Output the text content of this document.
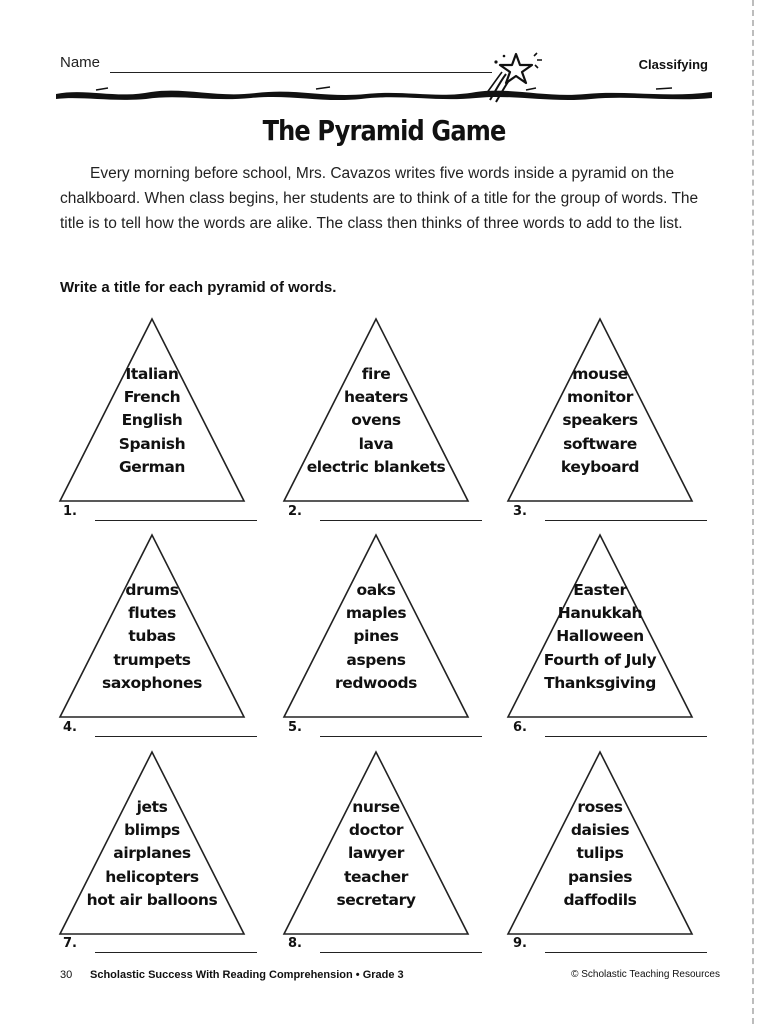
Name	Classifying
The Pyramid Game

Every morning before school, Mrs. Cavazos writes five words inside a pyramid on the chalkboard. When class begins, her students are to think of a title for the group of words. The title is to tell how the words are alike. The class then thinks of three words to add to the list.

Write a title for each pyramid of words.
Italian
French
English
Spanish
German
fire
heaters
ovens
lava
electric blankets
mouse
monitor
speakers
software
keyboard
1.	2.	3.
drums
flutes
tubas
trumpets
saxophones
oaks
maples
pines
aspens
redwoods
Easter
Hanukkah
Halloween
Fourth of July
Thanksgiving
4.	5.	6.
jets
blimps
airplanes
helicopters
hot air balloons
nurse
doctor
lawyer
teacher
secretary
roses
daisies
tulips
pansies
daffodils
7.	8.	9.
30 Scholastic Success With Reading Comprehension • Grade 3	© Scholastic Teaching Resources
